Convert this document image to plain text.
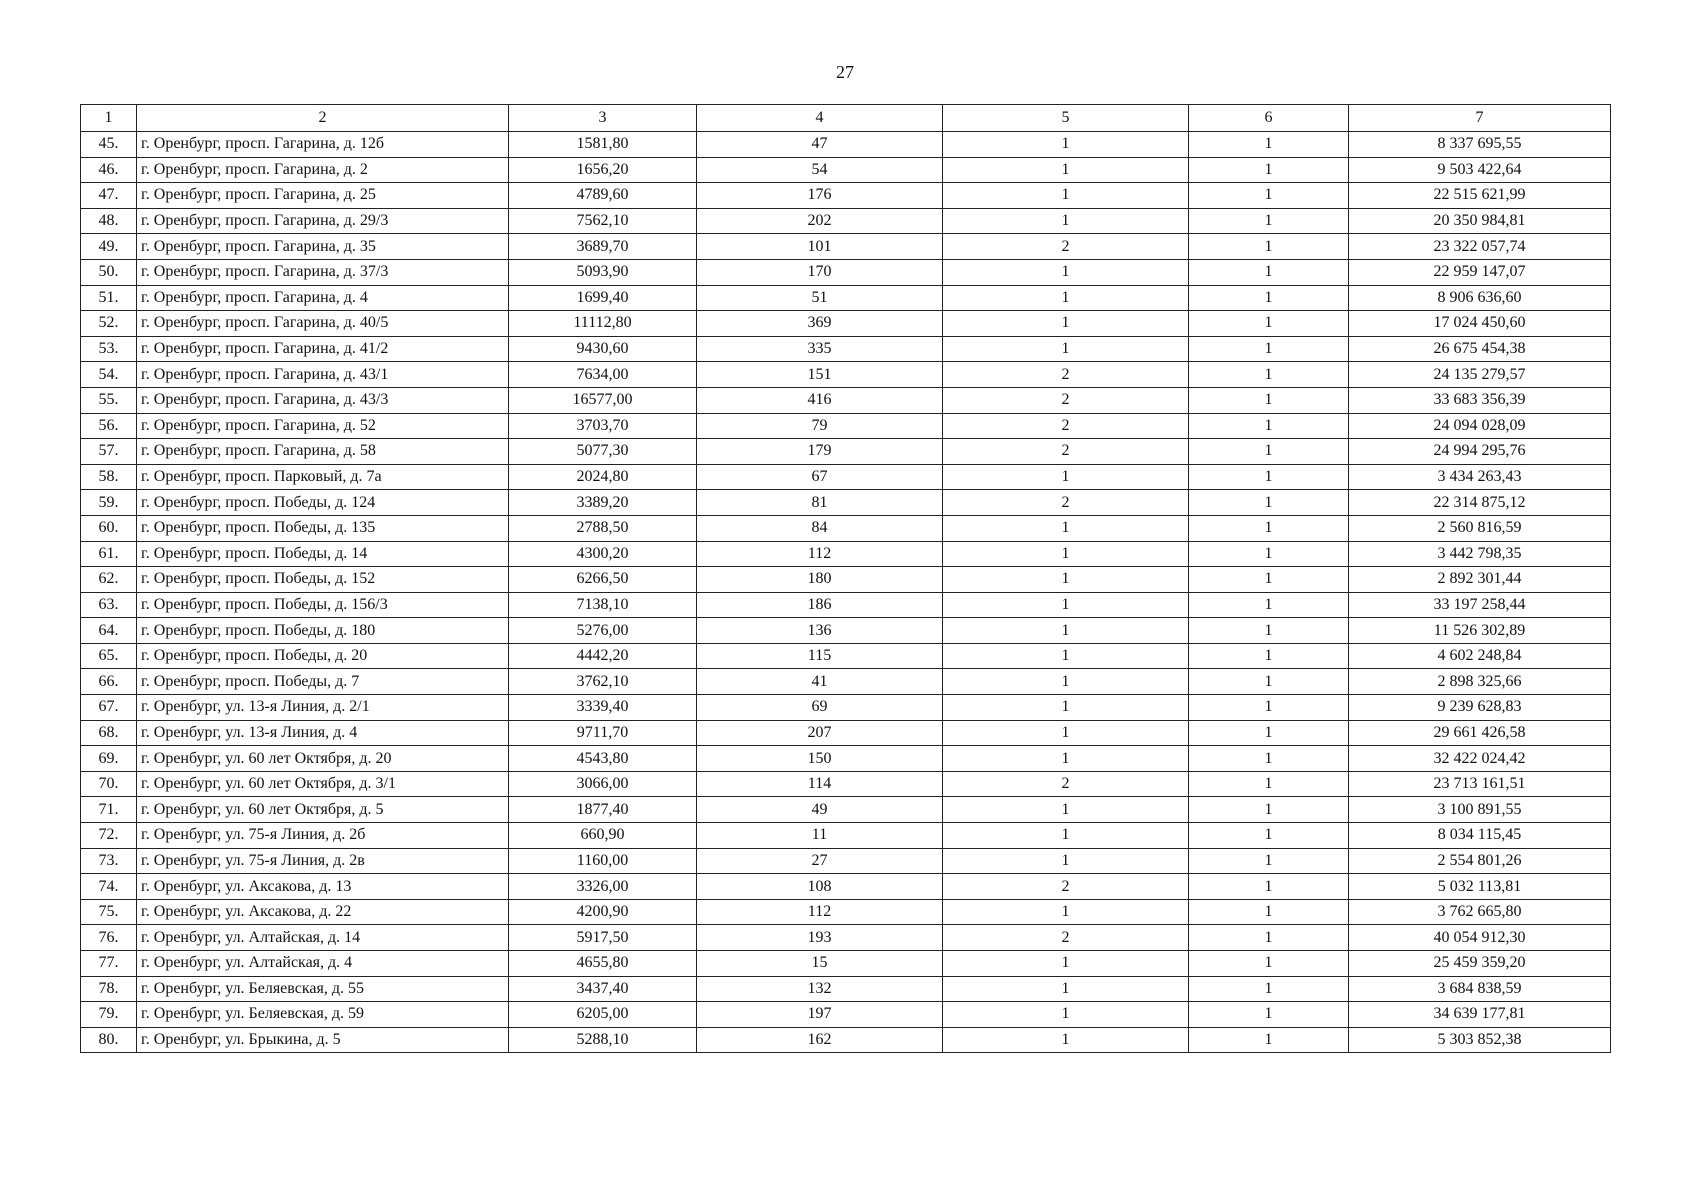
27
1	2	3	4	5	6	7
45.	г. Оренбург, просп. Гагарина, д. 12б	1581,80	47	1	1	8 337 695,55
46.	г. Оренбург, просп. Гагарина, д. 2	1656,20	54	1	1	9 503 422,64
47.	г. Оренбург, просп. Гагарина, д. 25	4789,60	176	1	1	22 515 621,99
48.	г. Оренбург, просп. Гагарина, д. 29/3	7562,10	202	1	1	20 350 984,81
49.	г. Оренбург, просп. Гагарина, д. 35	3689,70	101	2	1	23 322 057,74
50.	г. Оренбург, просп. Гагарина, д. 37/3	5093,90	170	1	1	22 959 147,07
51.	г. Оренбург, просп. Гагарина, д. 4	1699,40	51	1	1	8 906 636,60
52.	г. Оренбург, просп. Гагарина, д. 40/5	11112,80	369	1	1	17 024 450,60
53.	г. Оренбург, просп. Гагарина, д. 41/2	9430,60	335	1	1	26 675 454,38
54.	г. Оренбург, просп. Гагарина, д. 43/1	7634,00	151	2	1	24 135 279,57
55.	г. Оренбург, просп. Гагарина, д. 43/3	16577,00	416	2	1	33 683 356,39
56.	г. Оренбург, просп. Гагарина, д. 52	3703,70	79	2	1	24 094 028,09
57.	г. Оренбург, просп. Гагарина, д. 58	5077,30	179	2	1	24 994 295,76
58.	г. Оренбург, просп. Парковый, д. 7а	2024,80	67	1	1	3 434 263,43
59.	г. Оренбург, просп. Победы, д. 124	3389,20	81	2	1	22 314 875,12
60.	г. Оренбург, просп. Победы, д. 135	2788,50	84	1	1	2 560 816,59
61.	г. Оренбург, просп. Победы, д. 14	4300,20	112	1	1	3 442 798,35
62.	г. Оренбург, просп. Победы, д. 152	6266,50	180	1	1	2 892 301,44
63.	г. Оренбург, просп. Победы, д. 156/3	7138,10	186	1	1	33 197 258,44
64.	г. Оренбург, просп. Победы, д. 180	5276,00	136	1	1	11 526 302,89
65.	г. Оренбург, просп. Победы, д. 20	4442,20	115	1	1	4 602 248,84
66.	г. Оренбург, просп. Победы, д. 7	3762,10	41	1	1	2 898 325,66
67.	г. Оренбург, ул. 13-я Линия, д. 2/1	3339,40	69	1	1	9 239 628,83
68.	г. Оренбург, ул. 13-я Линия, д. 4	9711,70	207	1	1	29 661 426,58
69.	г. Оренбург, ул. 60 лет Октября, д. 20	4543,80	150	1	1	32 422 024,42
70.	г. Оренбург, ул. 60 лет Октября, д. 3/1	3066,00	114	2	1	23 713 161,51
71.	г. Оренбург, ул. 60 лет Октября, д. 5	1877,40	49	1	1	3 100 891,55
72.	г. Оренбург, ул. 75-я Линия, д. 2б	660,90	11	1	1	8 034 115,45
73.	г. Оренбург, ул. 75-я Линия, д. 2в	1160,00	27	1	1	2 554 801,26
74.	г. Оренбург, ул. Аксакова, д. 13	3326,00	108	2	1	5 032 113,81
75.	г. Оренбург, ул. Аксакова, д. 22	4200,90	112	1	1	3 762 665,80
76.	г. Оренбург, ул. Алтайская, д. 14	5917,50	193	2	1	40 054 912,30
77.	г. Оренбург, ул. Алтайская, д. 4	4655,80	15	1	1	25 459 359,20
78.	г. Оренбург, ул. Беляевская, д. 55	3437,40	132	1	1	3 684 838,59
79.	г. Оренбург, ул. Беляевская, д. 59	6205,00	197	1	1	34 639 177,81
80.	г. Оренбург, ул. Брыкина, д. 5	5288,10	162	1	1	5 303 852,38
